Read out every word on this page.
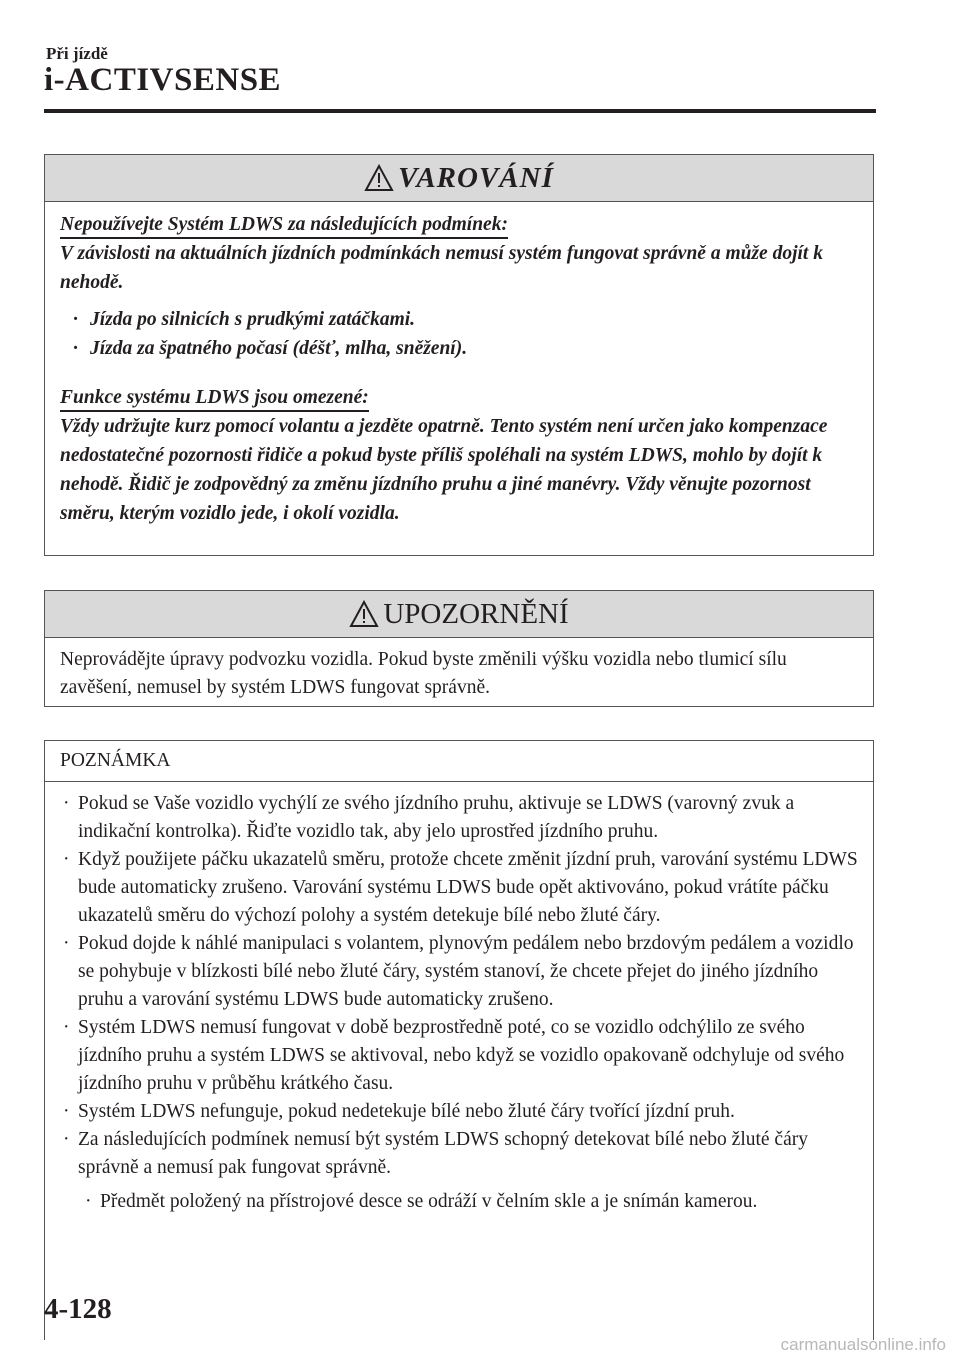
Při jízdě
i-ACTIVSENSE
VAROVÁNÍ
Nepoužívejte Systém LDWS za následujících podmínek:
V závislosti na aktuálních jízdních podmínkách nemusí systém fungovat správně a může dojít k nehodě.
· Jízda po silnicích s prudkými zatáčkami.
· Jízda za špatného počasí (déšť, mlha, sněžení).
Funkce systému LDWS jsou omezené:
Vždy udržujte kurz pomocí volantu a jezděte opatrně. Tento systém není určen jako kompenzace nedostatečné pozornosti řidiče a pokud byste příliš spoléhali na systém LDWS, mohlo by dojít k nehodě. Řidič je zodpovědný za změnu jízdního pruhu a jiné manévry. Vždy věnujte pozornost směru, kterým vozidlo jede, i okolí vozidla.
UPOZORNĚNÍ
Neprovádějte úpravy podvozku vozidla. Pokud byste změnili výšku vozidla nebo tlumicí sílu zavěšení, nemusel by systém LDWS fungovat správně.
POZNÁMKA
· Pokud se Vaše vozidlo vychýlí ze svého jízdního pruhu, aktivuje se LDWS (varovný zvuk a indikační kontrolka). Řiďte vozidlo tak, aby jelo uprostřed jízdního pruhu.
· Když použijete páčku ukazatelů směru, protože chcete změnit jízdní pruh, varování systému LDWS bude automaticky zrušeno. Varování systému LDWS bude opět aktivováno, pokud vrátíte páčku ukazatelů směru do výchozí polohy a systém detekuje bílé nebo žluté čáry.
· Pokud dojde k náhlé manipulaci s volantem, plynovým pedálem nebo brzdovým pedálem a vozidlo se pohybuje v blízkosti bílé nebo žluté čáry, systém stanoví, že chcete přejet do jiného jízdního pruhu a varování systému LDWS bude automaticky zrušeno.
· Systém LDWS nemusí fungovat v době bezprostředně poté, co se vozidlo odchýlilo ze svého jízdního pruhu a systém LDWS se aktivoval, nebo když se vozidlo opakovaně odchyluje od svého jízdního pruhu v průběhu krátkého času.
· Systém LDWS nefunguje, pokud nedetekuje bílé nebo žluté čáry tvořící jízdní pruh.
· Za následujících podmínek nemusí být systém LDWS schopný detekovat bílé nebo žluté čáry správně a nemusí pak fungovat správně.
· Předmět položený na přístrojové desce se odráží v čelním skle a je snímán kamerou.
4-128
carmanualsonline.info
